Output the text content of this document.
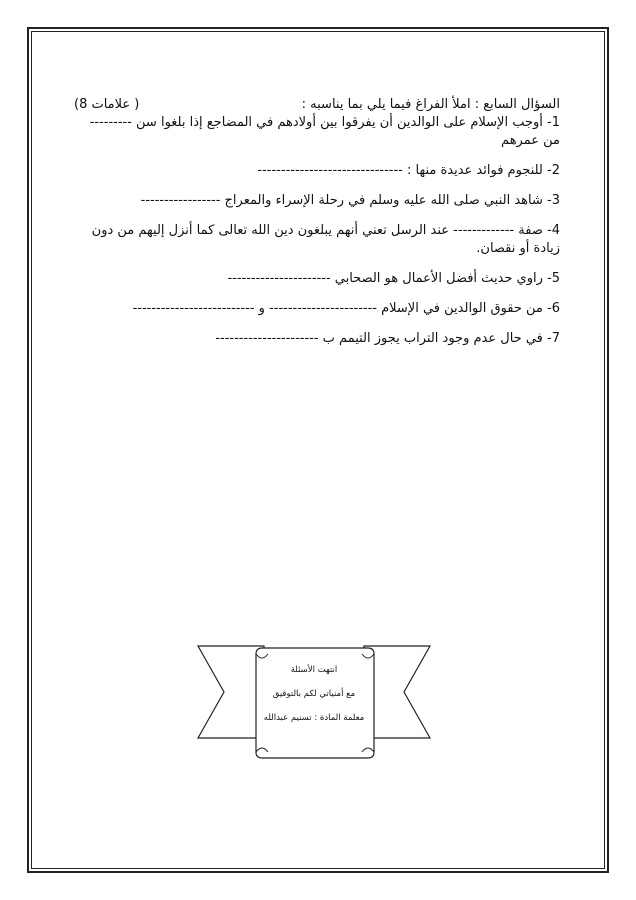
السؤال السابع : املأ الفراغ فيما يلي بما يناسبه :
(8 علامات )

1- أوجب الإسلام على الوالدين أن يفرقوا بين أولادهم في المضاجع إذا بلغوا سن --------- من عمرهم

2- للنجوم فوائد عديدة منها : -------------------------------

3- شاهد النبي صلى الله عليه وسلم في رحلة الإسراء والمعراج -----------------

4- صفة ------------- عند الرسل تعني أنهم يبلغون دين الله تعالى كما أنزل إليهم من دون زيادة أو نقصان.

5- راوي حديث أفضل الأعمال هو الصحابي ----------------------

6- من حقوق الوالدين في الإسلام ----------------------- و --------------------------

7- في حال عدم وجود التراب يجوز التيمم ب ----------------------

انتهت الأسئلة
مع أمنياتي لكم بالتوفيق
معلمة المادة : تسنيم عبدالله
